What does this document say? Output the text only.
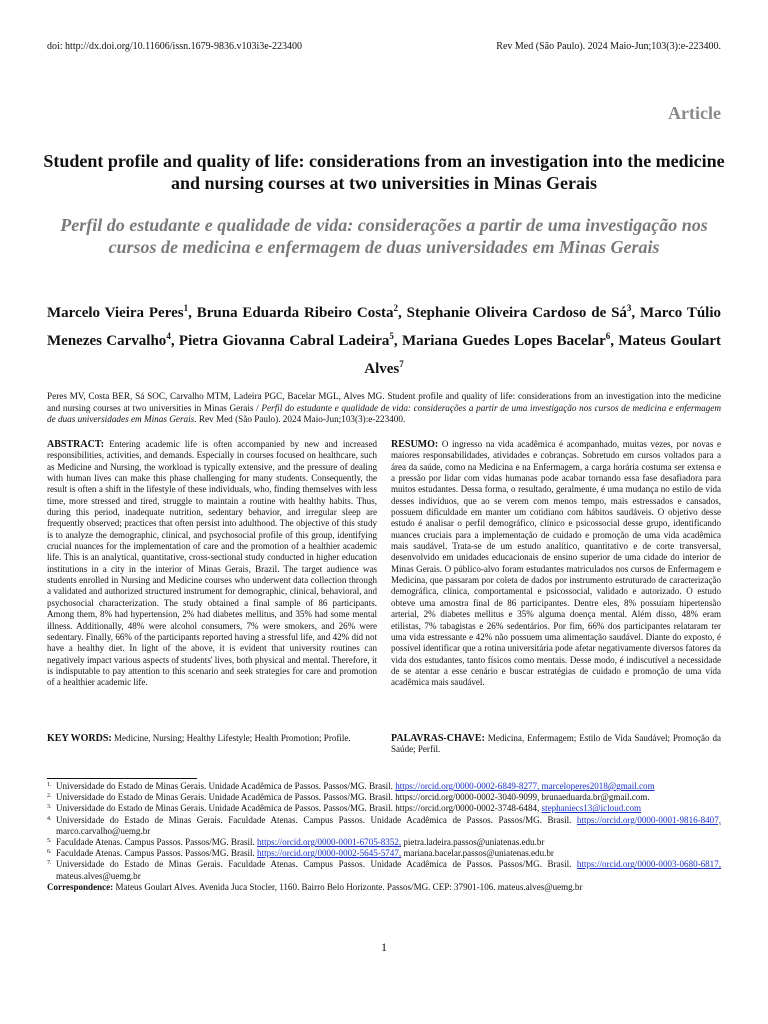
doi: http://dx.doi.org/10.11606/issn.1679-9836.v103i3e-223400	Rev Med (São Paulo). 2024 Maio-Jun;103(3):e-223400.
Article
Student profile and quality of life: considerations from an investigation into the medicine and nursing courses at two universities in Minas Gerais
Perfil do estudante e qualidade de vida: considerações a partir de uma investigação nos cursos de medicina e enfermagem de duas universidades em Minas Gerais
Marcelo Vieira Peres$^1$, Bruna Eduarda Ribeiro Costa$^2$, Stephanie Oliveira Cardoso de $Sá^3$, Marco Túlio Menezes Carvalho$^4$, Pietra Giovanna Cabral Ladeira$^5$, Mariana Guedes Lopes Bacelar$^6$, Mateus Goulart Alves$^7$
Peres MV, Costa BER, Sá SOC, Carvalho MTM, Ladeira PGC, Bacelar MGL, Alves MG. Student profile and quality of life: considerations from an investigation into the medicine and nursing courses at two universities in Minas Gerais / Perfil do estudante e qualidade de vida: considerações a partir de uma investigação nos cursos de medicina e enfermagem de duas universidades em Minas Gerais. Rev Med (São Paulo). 2024 Maio-Jun;103(3):e-223400.
ABSTRACT: Entering academic life is often accompanied by new and increased responsibilities, activities, and demands. Especially in courses focused on healthcare, such as Medicine and Nursing, the workload is typically extensive, and the pressure of dealing with human lives can make this phase challenging for many students. Consequently, the result is often a shift in the lifestyle of these individuals, who, finding themselves with less time, more stressed and tired, struggle to maintain a routine with healthy habits. Thus, during this period, inadequate nutrition, sedentary behavior, and irregular sleep are frequently observed; practices that often persist into adulthood. The objective of this study is to analyze the demographic, clinical, and psychosocial profile of this group, identifying crucial nuances for the implementation of care and the promotion of a healthier academic life. This is an analytical, quantitative, cross-sectional study conducted in higher education institutions in a city in the interior of Minas Gerais, Brazil. The target audience was students enrolled in Nursing and Medicine courses who underwent data collection through a validated and authorized structured instrument for demographic, clinical, behavioral, and psychosocial characterization. The study obtained a final sample of 86 participants. Among them, 8% had hypertension, 2% had diabetes mellitus, and 35% had some mental illness. Additionally, 48% were alcohol consumers, 7% were smokers, and 26% were sedentary. Finally, 66% of the participants reported having a stressful life, and 42% did not have a healthy diet. In light of the above, it is evident that university routines can negatively impact various aspects of students' lives, both physical and mental. Therefore, it is indisputable to pay attention to this scenario and seek strategies for care and promotion of a healthier academic life.
RESUMO: O ingresso na vida acadêmica é acompanhado, muitas vezes, por novas e maiores responsabilidades, atividades e cobranças. Sobretudo em cursos voltados para a área da saúde, como na Medicina e na Enfermagem, a carga horária costuma ser extensa e a pressão por lidar com vidas humanas pode acabar tornando essa fase desafiadora para muitos estudantes. Dessa forma, o resultado, geralmente, é uma mudança no estilo de vida desses indivíduos, que ao se verem com menos tempo, mais estressados e cansados, possuem dificuldade em manter um cotidiano com hábitos saudáveis. O objetivo desse estudo é analisar o perfil demográfico, clínico e psicossocial desse grupo, identificando nuances cruciais para a implementação de cuidado e promoção de uma vida acadêmica mais saudável. Trata-se de um estudo analítico, quantitativo e de corte transversal, desenvolvido em unidades educacionais de ensino superior de uma cidade do interior de Minas Gerais. O público-alvo foram estudantes matriculados nos cursos de Enfermagem e Medicina, que passaram por coleta de dados por instrumento estruturado de caracterização demográfica, clínica, comportamental e psicossocial, validado e autorizado. O estudo obteve uma amostra final de 86 participantes. Dentre eles, 8% possuíam hipertensão arterial, 2% diabetes mellitus e 35% alguma doença mental. Além disso, 48% eram etilistas, 7% tabagistas e 26% sedentários. Por fim, 66% dos participantes relataram ter uma vida estressante e 42% não possuem uma alimentação saudável. Diante do exposto, é possível identificar que a rotina universitária pode afetar negativamente diversos fatores da vida dos estudantes, tanto físicos como mentais. Desse modo, é indiscutível a necessidade de se atentar a esse cenário e buscar estratégias de cuidado e promoção de uma vida acadêmica mais saudável.
KEY WORDS: Medicine, Nursing; Healthy Lifestyle; Health Promotion; Profile.	PALAVRAS-CHAVE: Medicina, Enfermagem; Estilo de Vida Saudável; Promoção da Saúde; Perfil.
1. Universidade do Estado de Minas Gerais. Unidade Acadêmica de Passos. Passos/MG. Brasil. https://orcid.org/0000-0002-6849-8277, marceloperes2018@gmail.com
2. Universidade do Estado de Minas Gerais. Unidade Acadêmica de Passos. Passos/MG. Brasil. https://orcid.org/0000-0002-3040-9099, brunaeduarda.br@gmail.com.
3. Universidade do Estado de Minas Gerais. Unidade Acadêmica de Passos. Passos/MG. Brasil. https://orcid.org/0000-0002-3748-6484, stephaniecs13@icloud.com
4. Universidade do Estado de Minas Gerais. Faculdade Atenas. Campus Passos. Unidade Acadêmica de Passos. Passos/MG. Brasil. https://orcid.org/0000-0001-9816-8407, marco.carvalho@uemg.br
5. Faculdade Atenas. Campus Passos. Passos/MG. Brasil. https://orcid.org/0000-0001-6705-8352, pietra.ladeira.passos@uniatenas.edu.br
6. Faculdade Atenas. Campus Passos. Passos/MG. Brasil. https://orcid.org/0000-0002-5645-5747, mariana.bacelar.passos@uniatenas.edu.br
7. Universidade do Estado de Minas Gerais. Faculdade Atenas. Campus Passos. Unidade Acadêmica de Passos. Passos/MG. Brasil. https://orcid.org/0000-0003-0680-6817, mateus.alves@uemg.br
Correspondence: Mateus Goulart Alves. Avenida Juca Stocler, 1160. Bairro Belo Horizonte. Passos/MG. CEP: 37901-106. mateus.alves@uemg.br
1
